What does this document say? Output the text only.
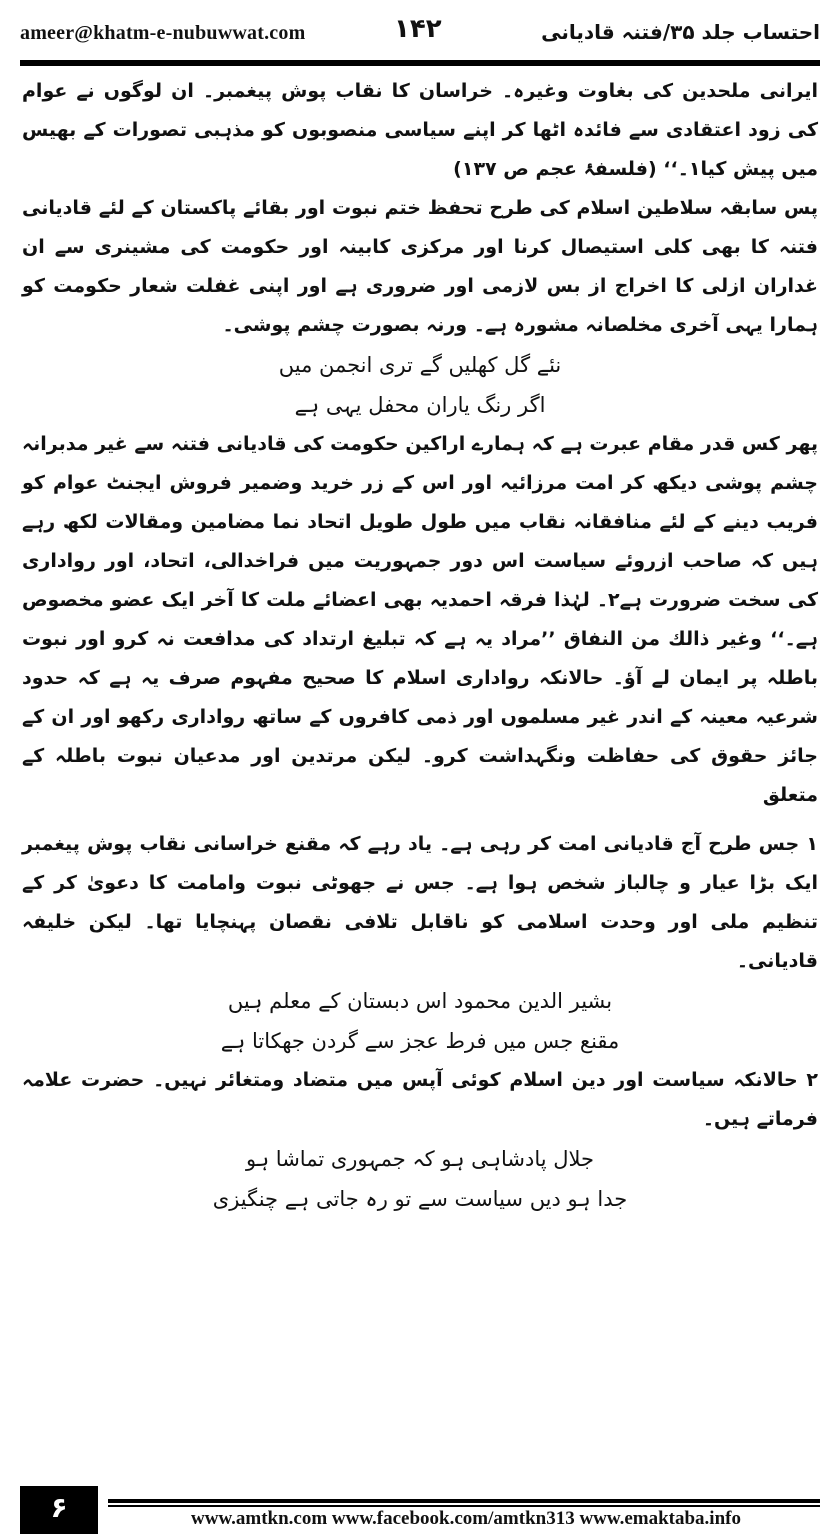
ameer@khatm-e-nubuwwat.com	۱۴۲	احتساب جلد ۳۵/فتنہ قادیانی

ایرانی ملحدین کی بغاوت وغیرہ۔ خراسان کا نقاب پوش پیغمبر۔ ان لوگوں نے عوام کی زود اعتقادی سے فائدہ اٹھا کر اپنے سیاسی منصوبوں کو مذہبی تصورات کے بھیس میں پیش کیا۱۔‘‘ (فلسفۂ عجم ص ۱۳۷)

پس سابقہ سلاطین اسلام کی طرح تحفظ ختم نبوت اور بقائے پاکستان کے لئے قادیانی فتنہ کا بھی کلی استیصال کرنا اور مرکزی کابینہ اور حکومت کی مشینری سے ان غداران ازلی کا اخراج از بس لازمی اور ضروری ہے اور اپنی غفلت شعار حکومت کو ہمارا یہی آخری مخلصانہ مشورہ ہے۔ ورنہ بصورت چشم پوشی۔

نئے گل کھلیں گے تری انجمن میں
اگر رنگ یاران محفل یہی ہے

پھر کس قدر مقام عبرت ہے کہ ہمارے اراکین حکومت کی قادیانی فتنہ سے غیر مدبرانہ چشم پوشی دیکھ کر امت مرزائیہ اور اس کے زر خرید وضمیر فروش ایجنٹ عوام کو فریب دینے کے لئے منافقانہ نقاب میں طول طویل اتحاد نما مضامین ومقالات لکھ رہے ہیں کہ صاحب ازروئے سیاست اس دور جمہوریت میں فراخدالی، اتحاد، اور رواداری کی سخت ضرورت ہے۲۔ لہٰذا فرقہ احمدیہ بھی اعضائے ملت کا آخر ایک عضو مخصوص ہے۔‘‘ وغیر ذالك من النفاق ’’مراد یہ ہے کہ تبلیغ ارتداد کی مدافعت نہ کرو اور نبوت باطلہ پر ایمان لے آؤ۔ حالانکہ رواداری اسلام کا صحیح مفہوم صرف یہ ہے کہ حدود شرعیہ معینہ کے اندر غیر مسلموں اور ذمی کافروں کے ساتھ رواداری رکھو اور ان کے جائز حقوق کی حفاظت ونگہداشت کرو۔ لیکن مرتدین اور مدعیان نبوت باطلہ کے متعلق

۱ جس طرح آج قادیانی امت کر رہی ہے۔ یاد رہے کہ مقنع خراسانی نقاب پوش پیغمبر ایک بڑا عیار و چالباز شخص ہوا ہے۔ جس نے جھوٹی نبوت وامامت کا دعویٰ کر کے تنظیم ملی اور وحدت اسلامی کو ناقابل تلافی نقصان پہنچایا تھا۔ لیکن خلیفہ قادیانی۔

بشیر الدین محمود اس دبستان کے معلم ہیں
مقنع جس میں فرط عجز سے گردن جھکاتا ہے

۲ حالانکہ سیاست اور دین اسلام کوئی آپس میں متضاد ومتغائر نہیں۔ حضرت علامہ فرماتے ہیں۔

جلال پادشاہی ہو کہ جمہوری تماشا ہو
جدا ہو دیں سیاست سے تو رہ جاتی ہے چنگیزی
۶	www.amtkn.com www.facebook.com/amtkn313 www.emaktaba.info
